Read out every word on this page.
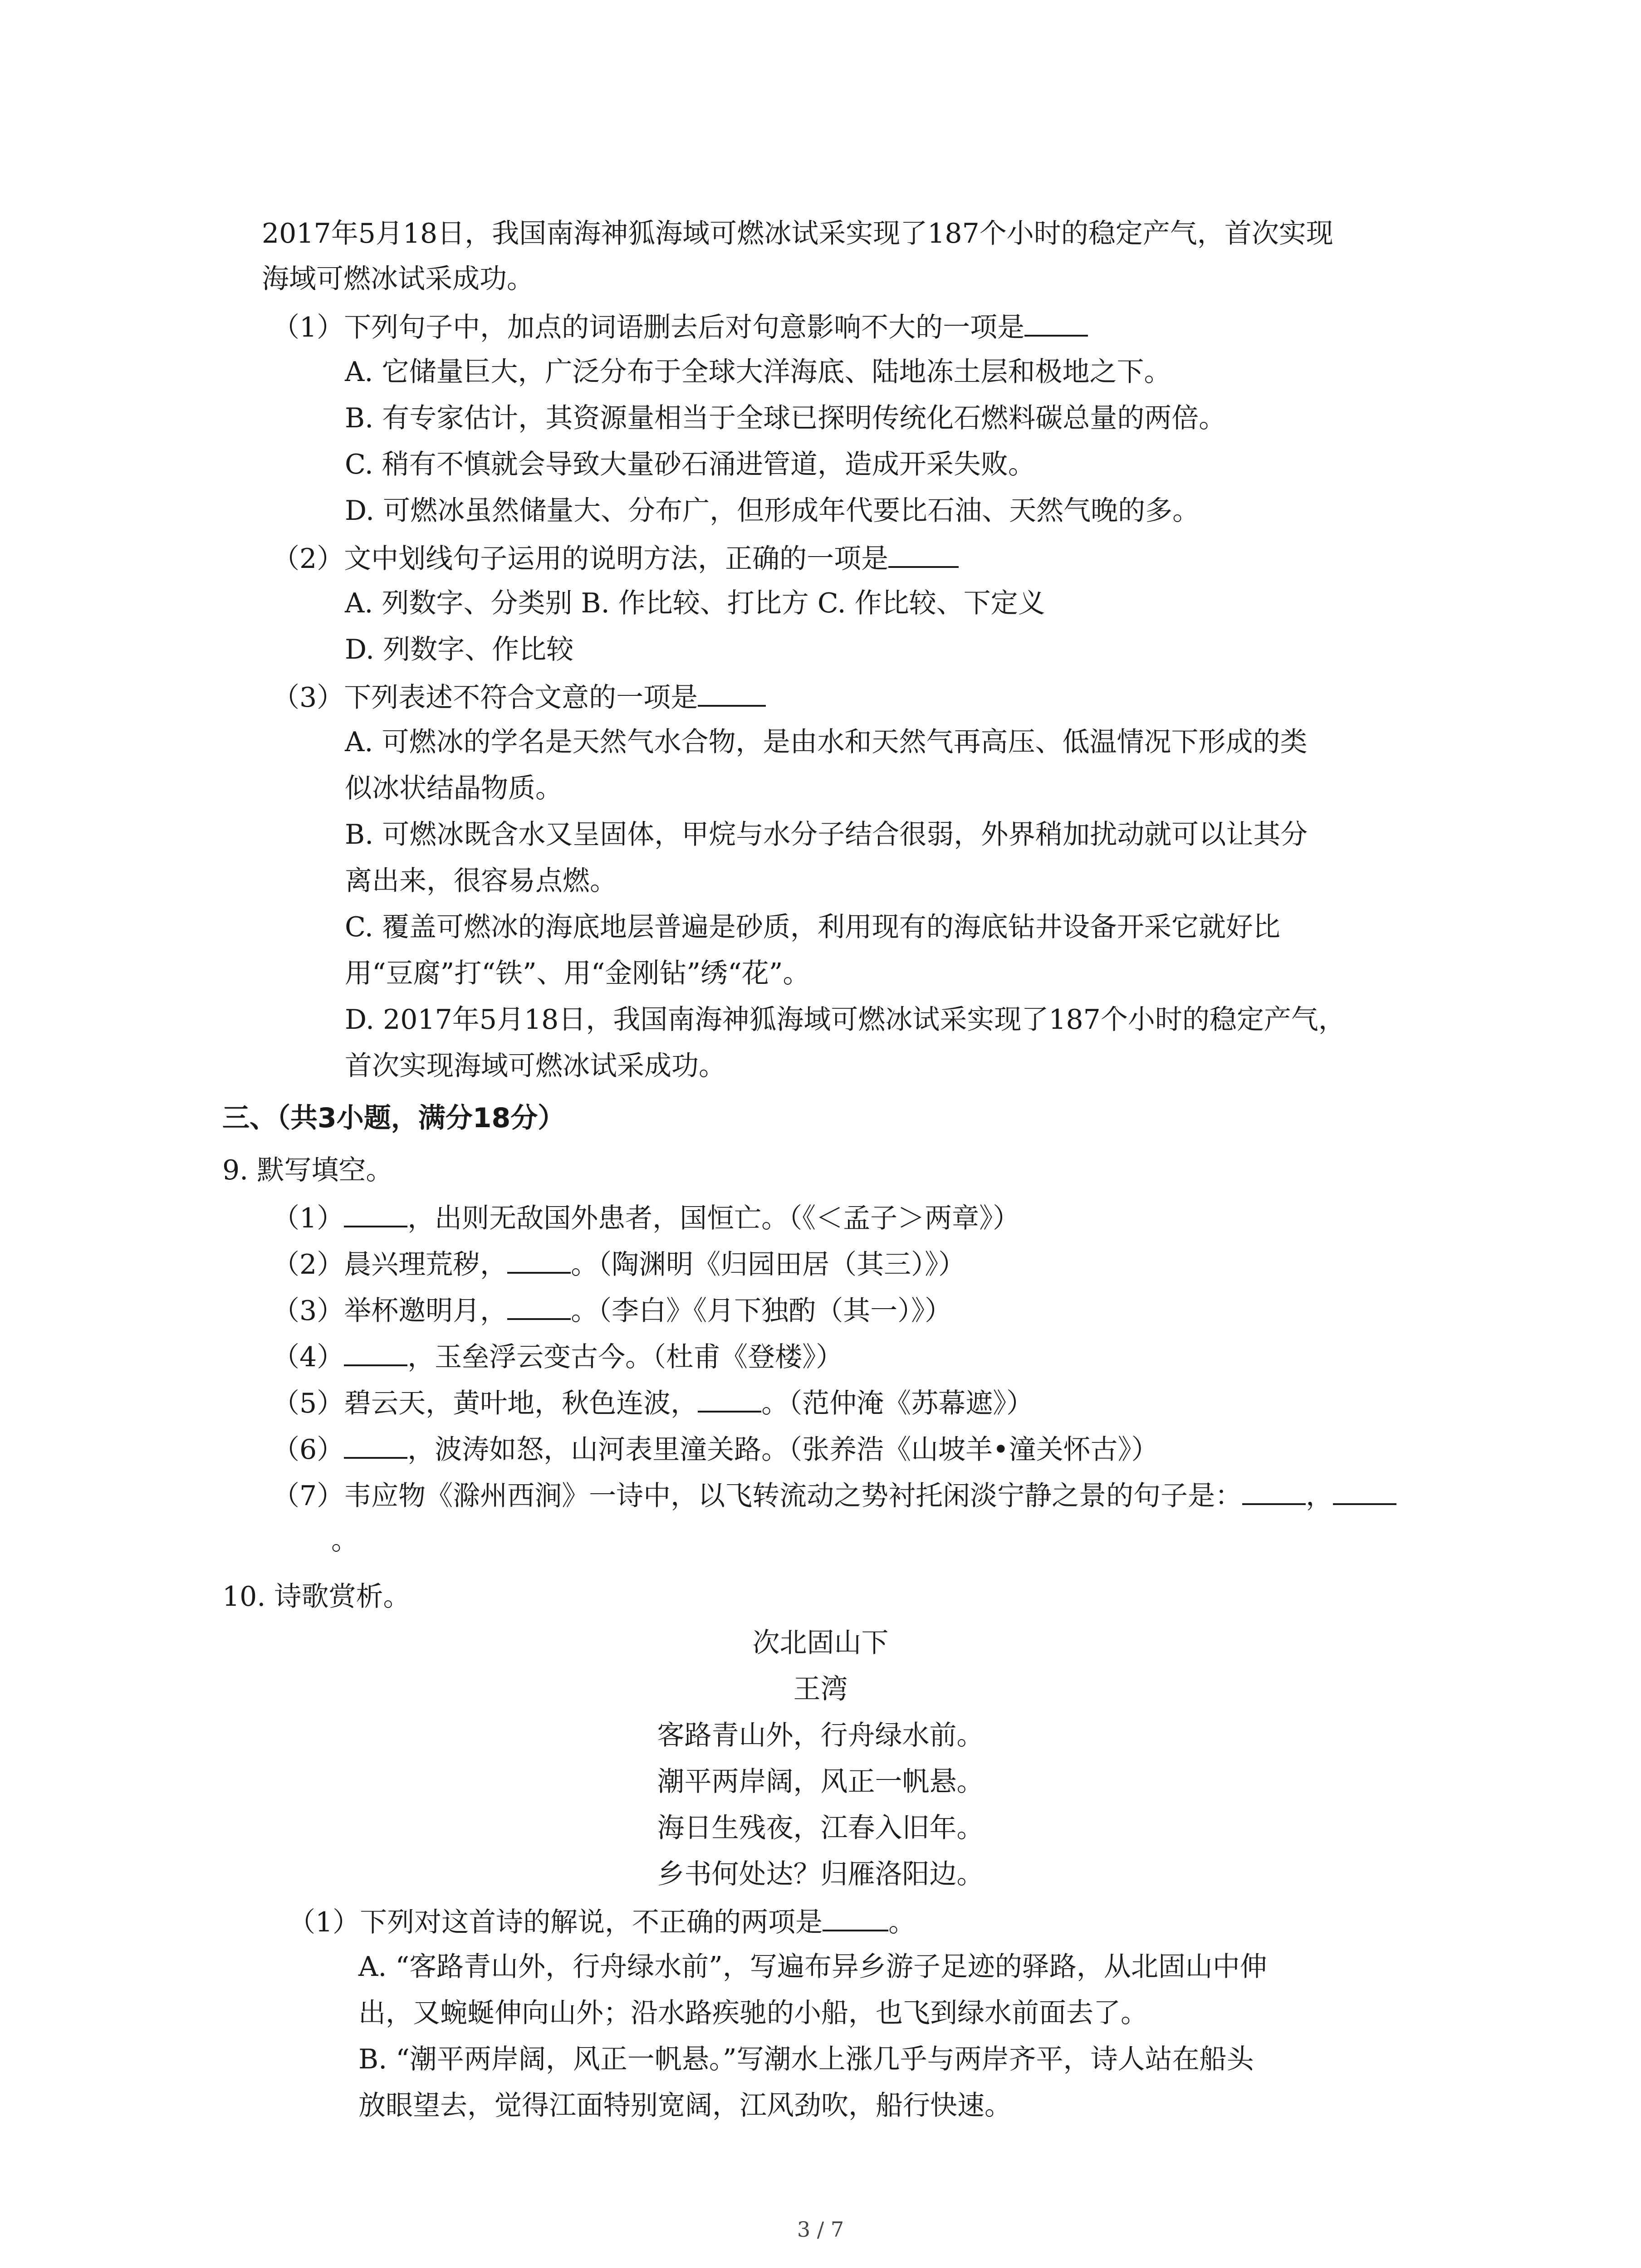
2017年5月18日，我国南海神狐海域可燃冰试采实现了187个小时的稳定产气，首次实现

海域可燃冰试采成功。

（1）下列句子中，加点的词语删去后对句意影响不大的一项是

A. 它储量巨大，广泛分布于全球大洋海底、陆地冻土层和极地之下。

B. 有专家估计，其资源量相当于全球已探明传统化石燃料碳总量的两倍。

C. 稍有不慎就会导致大量砂石涌进管道，造成开采失败。

D. 可燃冰虽然储量大、分布广，但形成年代要比石油、天然气晚的多。

（2）文中划线句子运用的说明方法，正确的一项是

A. 列数字、分类别 B. 作比较、打比方 C. 作比较、下定义

D. 列数字、作比较

（3）下列表述不符合文意的一项是

A. 可燃冰的学名是天然气水合物，是由水和天然气再高压、低温情况下形成的类

似冰状结晶物质。

B. 可燃冰既含水又呈固体，甲烷与水分子结合很弱，外界稍加扰动就可以让其分

离出来，很容易点燃。

C. 覆盖可燃冰的海底地层普遍是砂质，利用现有的海底钻井设备开采它就好比

用“豆腐”打“铁”、用“金刚钻”绣“花”。

D. 2017年5月18日，我国南海神狐海域可燃冰试采实现了187个小时的稳定产气，

首次实现海域可燃冰试采成功。

三、（共3小题，满分18分）

9. 默写填空。

（1） ，出则无敌国外患者，国恒亡。（《＜孟子＞两章》）

（2）晨兴理荒秽， 。（陶渊明《归园田居（其三）》）

（3）举杯邀明月， 。（李白》《月下独酌（其一）》）

（4） ，玉垒浮云变古今。（杜甫《登楼》）

（5）碧云天，黄叶地，秋色连波， 。（范仲淹《苏幕遮》）

（6） ，波涛如怒，山河表里潼关路。（张养浩《山坡羊•潼关怀古》）

（7）韦应物《滁州西涧》一诗中，以飞转流动之势衬托闲淡宁静之景的句子是： ，

。

10. 诗歌赏析。

次北固山下

王湾

客路青山外，行舟绿水前。

潮平两岸阔，风正一帆悬。

海日生残夜，江春入旧年。

乡书何处达？归雁洛阳边。

（1）下列对这首诗的解说，不正确的两项是 。

A. “客路青山外，行舟绿水前”，写遍布异乡游子足迹的驿路，从北固山中伸

出，又蜿蜒伸向山外；沿水路疾驰的小船，也飞到绿水前面去了。

B. “潮平两岸阔，风正一帆悬。”写潮水上涨几乎与两岸齐平，诗人站在船头

放眼望去，觉得江面特别宽阔，江风劲吹，船行快速。

3 / 7
